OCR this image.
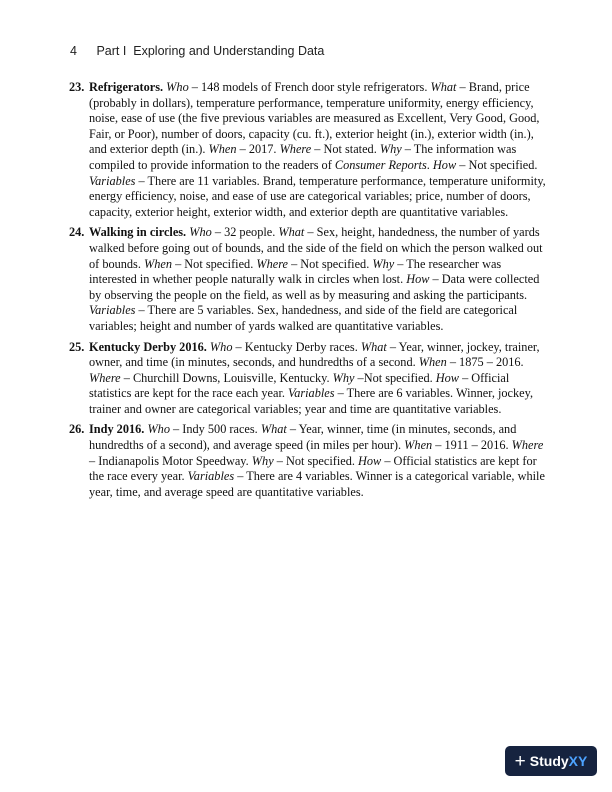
4 Part I  Exploring and Understanding Data
23. Refrigerators. Who – 148 models of French door style refrigerators. What – Brand, price (probably in dollars), temperature performance, temperature uniformity, energy efficiency, noise, ease of use (the five previous variables are measured as Excellent, Very Good, Good, Fair, or Poor), number of doors, capacity (cu. ft.), exterior height (in.), exterior width (in.), and exterior depth (in.). When – 2017. Where – Not stated. Why – The information was compiled to provide information to the readers of Consumer Reports. How – Not specified. Variables – There are 11 variables. Brand, temperature performance, temperature uniformity, energy efficiency, noise, and ease of use are categorical variables; price, number of doors, capacity, exterior height, exterior width, and exterior depth are quantitative variables.
24. Walking in circles. Who – 32 people. What – Sex, height, handedness, the number of yards walked before going out of bounds, and the side of the field on which the person walked out of bounds. When – Not specified. Where – Not specified. Why – The researcher was interested in whether people naturally walk in circles when lost. How – Data were collected by observing the people on the field, as well as by measuring and asking the participants. Variables – There are 5 variables. Sex, handedness, and side of the field are categorical variables; height and number of yards walked are quantitative variables.
25. Kentucky Derby 2016. Who – Kentucky Derby races. What – Year, winner, jockey, trainer, owner, and time (in minutes, seconds, and hundredths of a second. When – 1875 – 2016. Where – Churchill Downs, Louisville, Kentucky. Why –Not specified. How – Official statistics are kept for the race each year. Variables – There are 6 variables. Winner, jockey, trainer and owner are categorical variables; year and time are quantitative variables.
26. Indy 2016. Who – Indy 500 races. What – Year, winner, time (in minutes, seconds, and hundredths of a second), and average speed (in miles per hour). When – 1911 – 2016. Where – Indianapolis Motor Speedway. Why – Not specified. How – Official statistics are kept for the race every year. Variables – There are 4 variables. Winner is a categorical variable, while year, time, and average speed are quantitative variables.
+ Study XY
